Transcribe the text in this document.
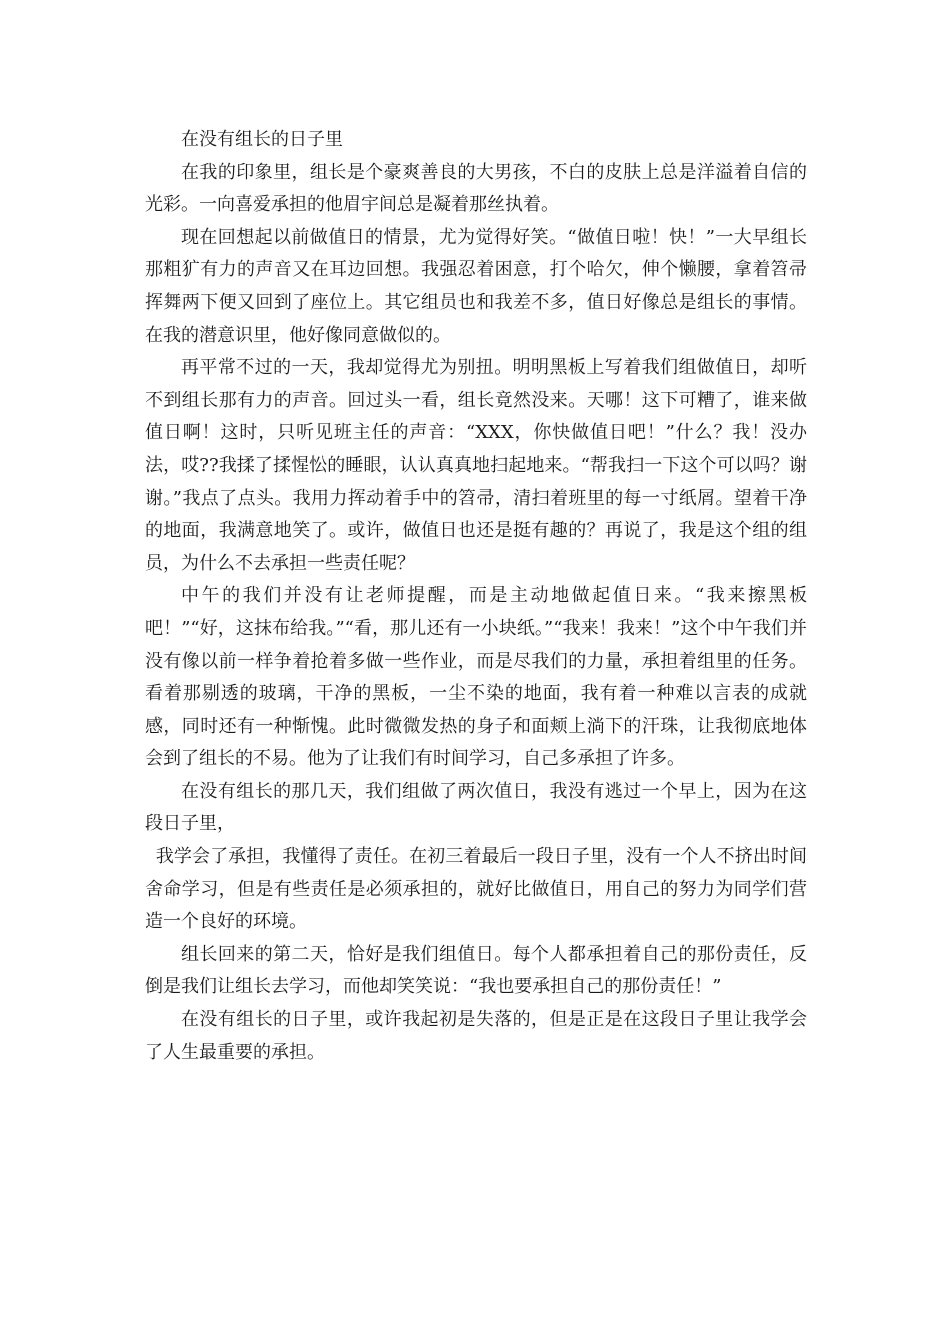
在没有组长的日子里

在我的印象里，组长是个豪爽善良的大男孩，不白的皮肤上总是洋溢着自信的光彩。一向喜爱承担的他眉宇间总是凝着那丝执着。

现在回想起以前做值日的情景，尤为觉得好笑。“做值日啦！快！”一大早组长那粗犷有力的声音又在耳边回想。我强忍着困意，打个哈欠，伸个懒腰，拿着笤帚挥舞两下便又回到了座位上。其它组员也和我差不多，值日好像总是组长的事情。在我的潜意识里，他好像同意做似的。

再平常不过的一天，我却觉得尤为别扭。明明黑板上写着我们组做值日，却听不到组长那有力的声音。回过头一看，组长竟然没来。天哪！这下可糟了，谁来做值日啊！这时，只听见班主任的声音：“XXX，你快做值日吧！”什么？我！没办法，哎??我揉了揉惺忪的睡眼，认认真真地扫起地来。“帮我扫一下这个可以吗？谢谢。”我点了点头。我用力挥动着手中的笤帚，清扫着班里的每一寸纸屑。望着干净的地面，我满意地笑了。或许，做值日也还是挺有趣的？再说了，我是这个组的组员，为什么不去承担一些责任呢？

中午的我们并没有让老师提醒，而是主动地做起值日来。“我来擦黑板吧！”“好，这抹布给我。”“看，那儿还有一小块纸。”“我来！我来！”这个中午我们并没有像以前一样争着抢着多做一些作业，而是尽我们的力量，承担着组里的任务。看着那剔透的玻璃，干净的黑板，一尘不染的地面，我有着一种难以言表的成就感，同时还有一种惭愧。此时微微发热的身子和面颊上淌下的汗珠，让我彻底地体会到了组长的不易。他为了让我们有时间学习，自己多承担了许多。

在没有组长的那几天，我们组做了两次值日，我没有逃过一个早上，因为在这段日子里，

我学会了承担，我懂得了责任。在初三着最后一段日子里，没有一个人不挤出时间舍命学习，但是有些责任是必须承担的，就好比做值日，用自己的努力为同学们营造一个良好的环境。

组长回来的第二天，恰好是我们组值日。每个人都承担着自己的那份责任，反倒是我们让组长去学习，而他却笑笑说：“我也要承担自己的那份责任！”

在没有组长的日子里，或许我起初是失落的，但是正是在这段日子里让我学会了人生最重要的承担。
